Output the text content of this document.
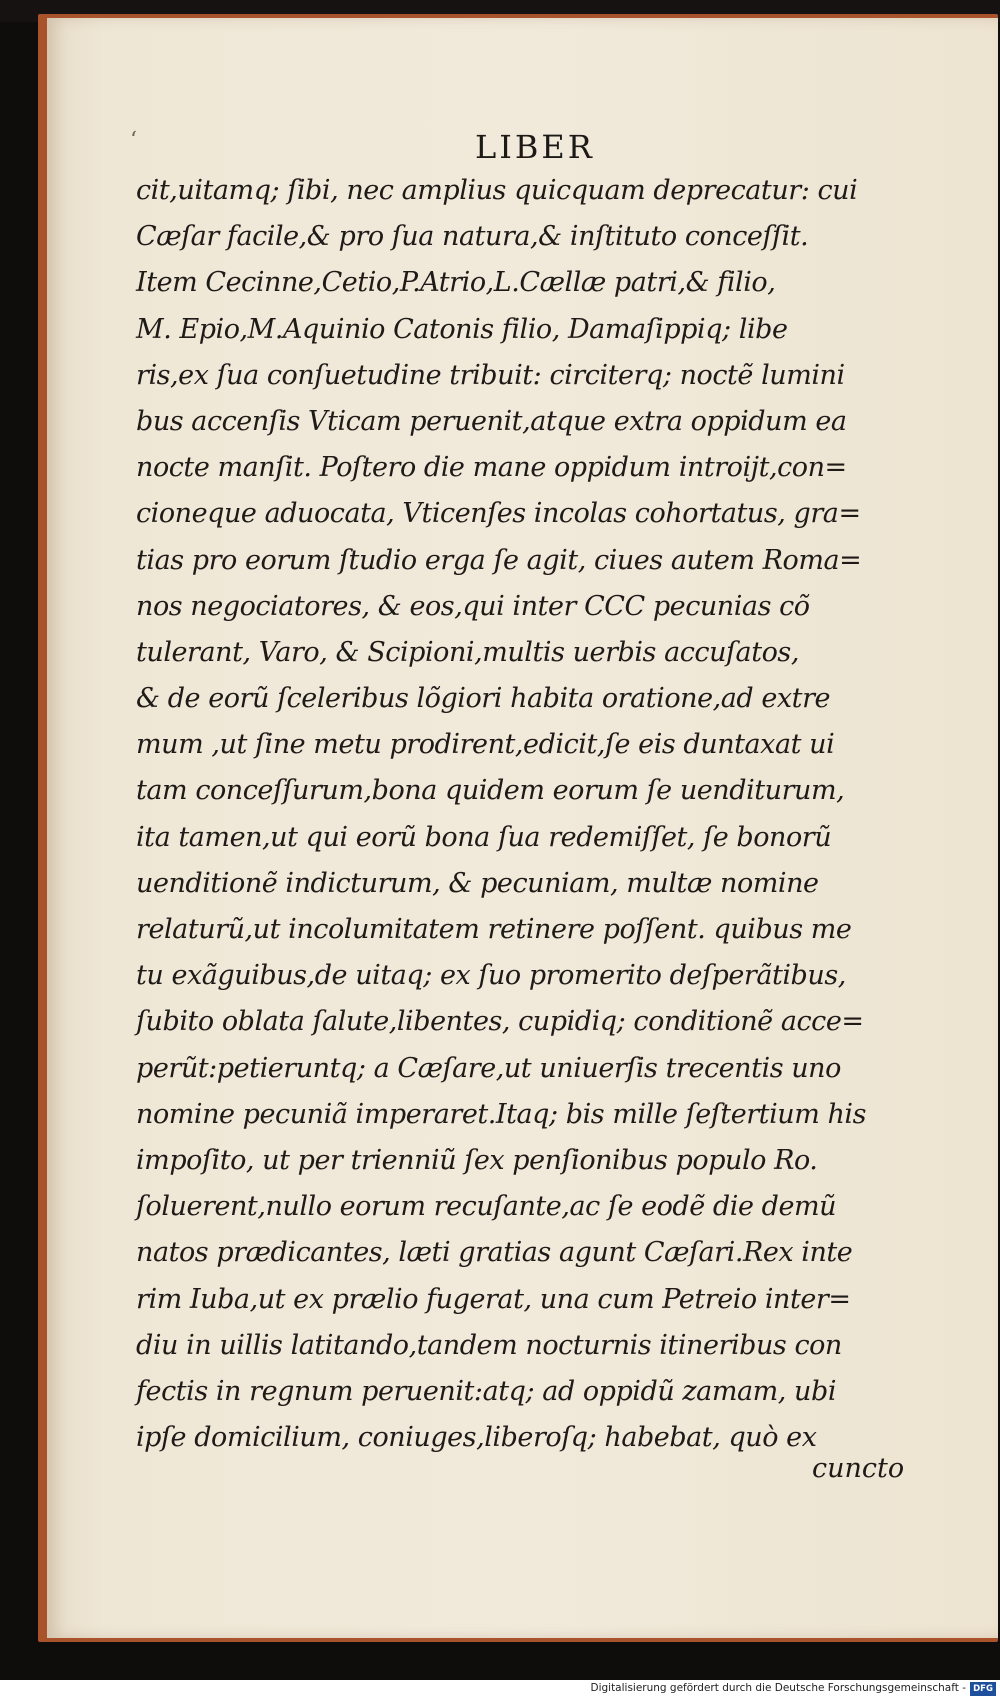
‘	LIBER
cit,uitamq; ſibi, nec amplius quicquam deprecatur: cui
Cæſar facile,& pro ſua natura,& inſtituto conceſſit.
Item Cecinne,Cetio,P.Atrio,L.Cællæ patri,& filio,
M. Epio,M.Aquinio Catonis filio, Damaſippiq; libe
ris,ex ſua conſuetudine tribuit: circiterq; noctẽ lumini
bus accenſis Vticam peruenit,atque extra oppidum ea
nocte manſit. Poſtero die mane oppidum introijt,con=
cioneque aduocata, Vticenſes incolas cohortatus, gra=
tias pro eorum ſtudio erga ſe agit, ciues autem Roma=
nos negociatores, & eos,qui inter CCC pecunias cõ
tulerant, Varo, & Scipioni,multis uerbis accuſatos,
& de eorũ ſceleribus lõgiori habita oratione,ad extre
mum ,ut ſine metu prodirent,edicit,ſe eis duntaxat ui
tam conceſſurum,bona quidem eorum ſe uenditurum,
ita tamen,ut qui eorũ bona ſua redemiſſet, ſe bonorũ
uenditionẽ indicturum, & pecuniam, multæ nomine
relaturũ,ut incolumitatem retinere poſſent. quibus me
tu exãguibus,de uitaq; ex ſuo promerito deſperãtibus,
ſubito oblata ſalute,libentes, cupidiq; conditionẽ acce=
perũt:petieruntq; a Cæſare,ut uniuerſis trecentis uno
nomine pecuniã imperaret.Itaq; bis mille ſeſtertium his
impoſito, ut per trienniũ ſex penſionibus populo Ro.
ſoluerent,nullo eorum recuſante,ac ſe eodẽ die demũ
natos prædicantes, læti gratias agunt Cæſari.Rex inte
rim Iuba,ut ex prælio fugerat, una cum Petreio inter=
diu in uillis latitando,tandem nocturnis itineribus con
fectis in regnum peruenit:atq; ad oppidũ zamam, ubi
ipſe domicilium, coniuges,liberoſq; habebat, quò ex
cuncto
Digitalisierung gefördert durch die Deutsche Forschungsgemeinschaft - DFG
